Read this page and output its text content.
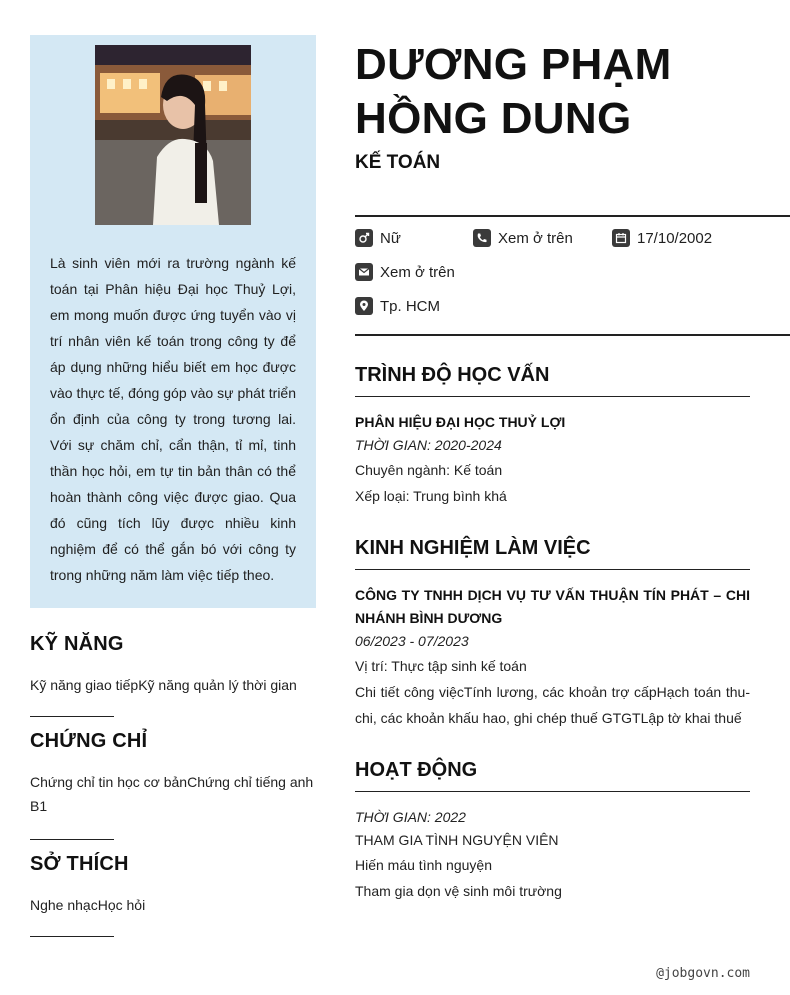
Là sinh viên mới ra trường ngành kế toán tại Phân hiệu Đại học Thuỷ Lợi, em mong muốn được ứng tuyển vào vị trí nhân viên kế toán trong công ty để áp dụng những hiểu biết em học được vào thực tế, đóng góp vào sự phát triển ổn định của công ty trong tương lai. Với sự chăm chỉ, cẩn thận, tỉ mỉ, tinh thần học hỏi, em tự tin bản thân có thể hoàn thành công việc được giao. Qua đó cũng tích lũy được nhiều kinh nghiệm để có thể gắn bó với công ty trong những năm làm việc tiếp theo.

KỸ NĂNG

Kỹ năng giao tiếpKỹ năng quản lý thời gian

CHỨNG CHỈ

Chứng chỉ tin học cơ bảnChứng chỉ tiếng anh B1

SỞ THÍCH

Nghe nhạcHọc hỏi

DƯƠNG PHẠM
HỒNG DUNG

KẾ TOÁN

Nữ	Xem ở trên	17/10/2002
Xem ở trên
Tp. HCM
TRÌNH ĐỘ HỌC VẤN

PHÂN HIỆU ĐẠI HỌC THUỶ LỢI

THỜI GIAN: 2020-2024

Chuyên ngành: Kế toán

Xếp loại: Trung bình khá

KINH NGHIỆM LÀM VIỆC

CÔNG TY TNHH DỊCH VỤ TƯ VẤN THUẬN TÍN PHÁT – CHI NHÁNH BÌNH DƯƠNG

06/2023 - 07/2023

Vị trí: Thực tập sinh kế toán

Chi tiết công việcTính lương, các khoản trợ cấpHạch toán thu-chi, các khoản khấu hao, ghi chép thuế GTGTLập tờ khai thuế

HOẠT ĐỘNG

THỜI GIAN: 2022

THAM GIA TÌNH NGUYỆN VIÊN

Hiến máu tình nguyện

Tham gia dọn vệ sinh môi trường

@jobgovn.com
